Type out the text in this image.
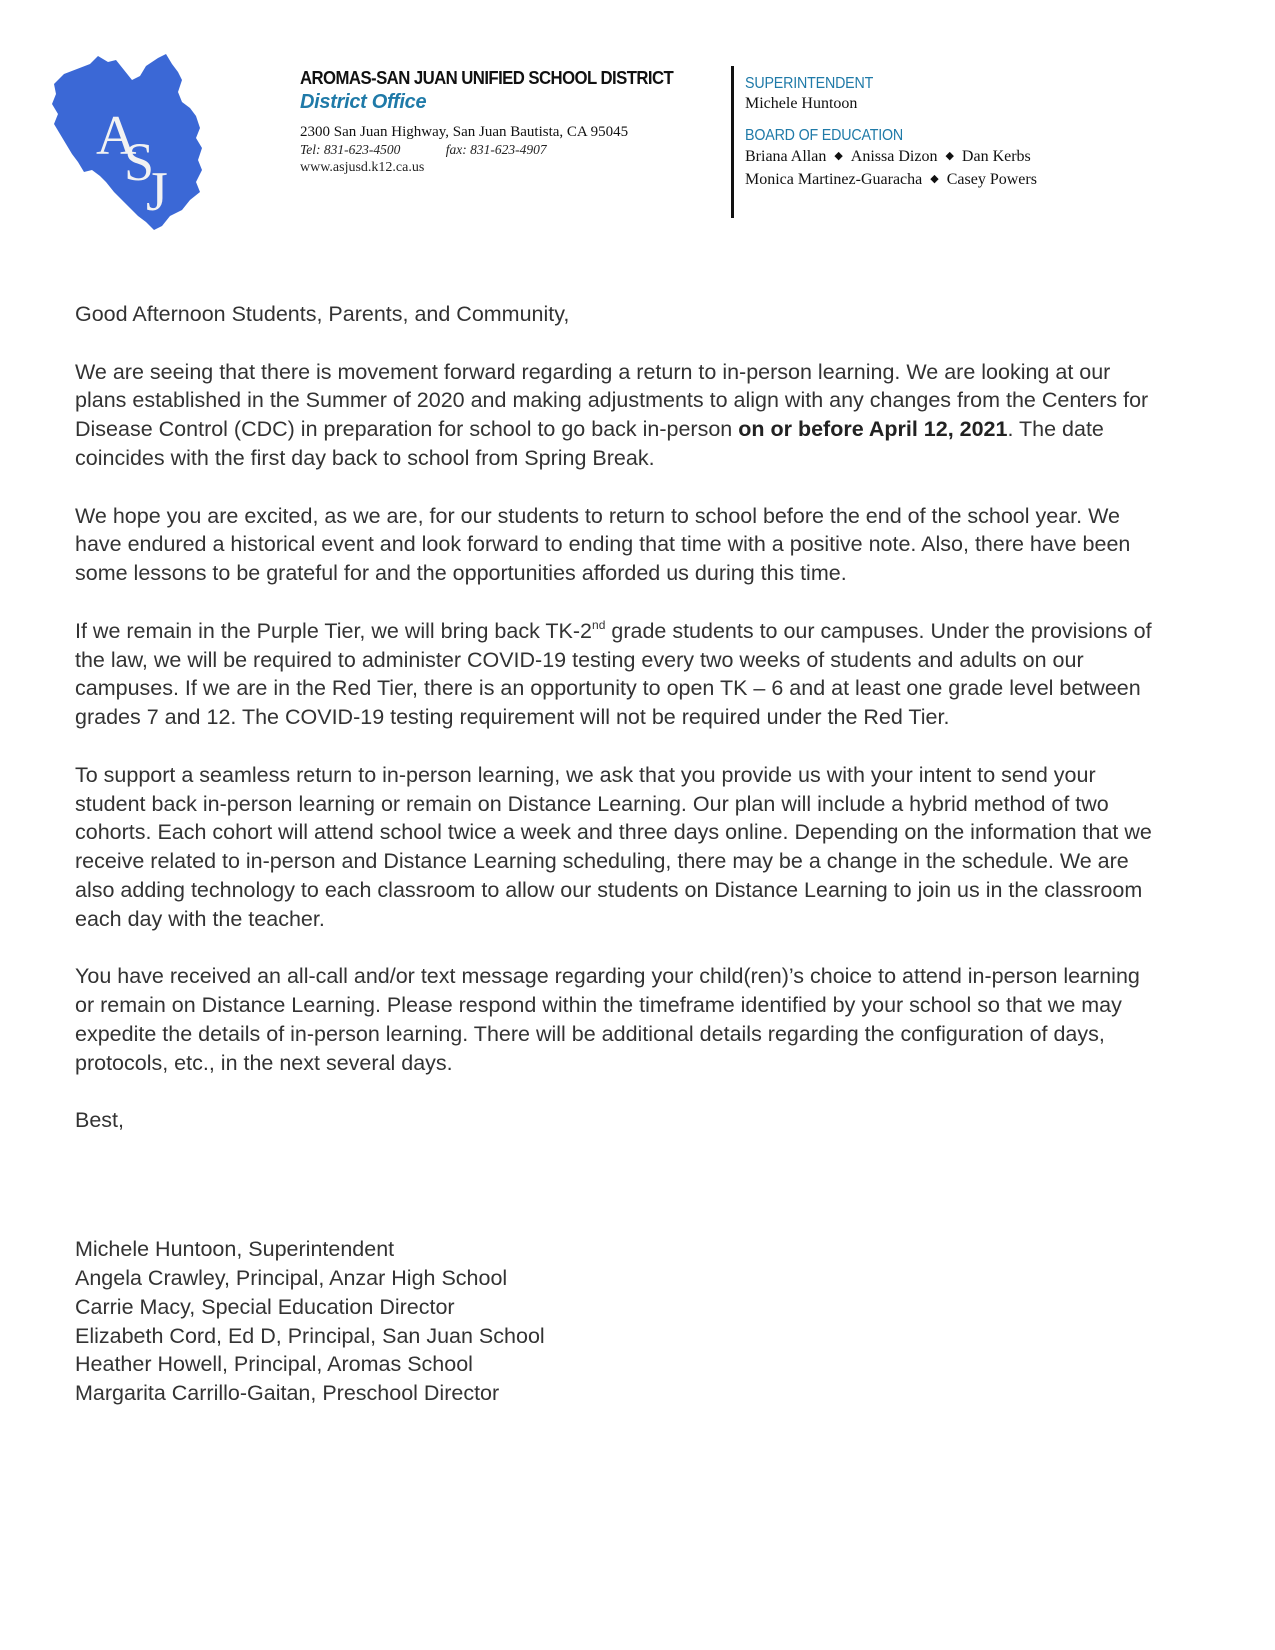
A
S
J
AROMAS-SAN JUAN UNIFIED SCHOOL DISTRICT
District Office
2300 San Juan Highway, San Juan Bautista, CA 95045
Tel: 831-623-4500	fax: 831-623-4907
www.asjusd.k12.ca.us
SUPERINTENDENT
Michele Huntoon
BOARD OF EDUCATION
Briana Allan ◆ Anissa Dizon ◆ Dan Kerbs
Monica Martinez-Guaracha ◆ Casey Powers

Good Afternoon Students, Parents, and Community,

We are seeing that there is movement forward regarding a return to in-person learning. We are looking at our plans established in the Summer of 2020 and making adjustments to align with any changes from the Centers for Disease Control (CDC) in preparation for school to go back in-person on or before April 12, 2021. The date coincides with the first day back to school from Spring Break.

We hope you are excited, as we are, for our students to return to school before the end of the school year. We have endured a historical event and look forward to ending that time with a positive note. Also, there have been some lessons to be grateful for and the opportunities afforded us during this time.

If we remain in the Purple Tier, we will bring back TK-2nd grade students to our campuses. Under the provisions of the law, we will be required to administer COVID-19 testing every two weeks of students and adults on our campuses. If we are in the Red Tier, there is an opportunity to open TK – 6 and at least one grade level between grades 7 and 12. The COVID-19 testing requirement will not be required under the Red Tier.

To support a seamless return to in-person learning, we ask that you provide us with your intent to send your student back in-person learning or remain on Distance Learning. Our plan will include a hybrid method of two cohorts. Each cohort will attend school twice a week and three days online. Depending on the information that we receive related to in-person and Distance Learning scheduling, there may be a change in the schedule. We are also adding technology to each classroom to allow our students on Distance Learning to join us in the classroom each day with the teacher.

You have received an all-call and/or text message regarding your child(ren)’s choice to attend in-person learning or remain on Distance Learning. Please respond within the timeframe identified by your school so that we may expedite the details of in-person learning. There will be additional details regarding the configuration of days, protocols, etc., in the next several days.

Best,

Michele Huntoon, Superintendent
Angela Crawley, Principal, Anzar High School
Carrie Macy, Special Education Director
Elizabeth Cord, Ed D, Principal, San Juan School
Heather Howell, Principal, Aromas School
Margarita Carrillo-Gaitan, Preschool Director
